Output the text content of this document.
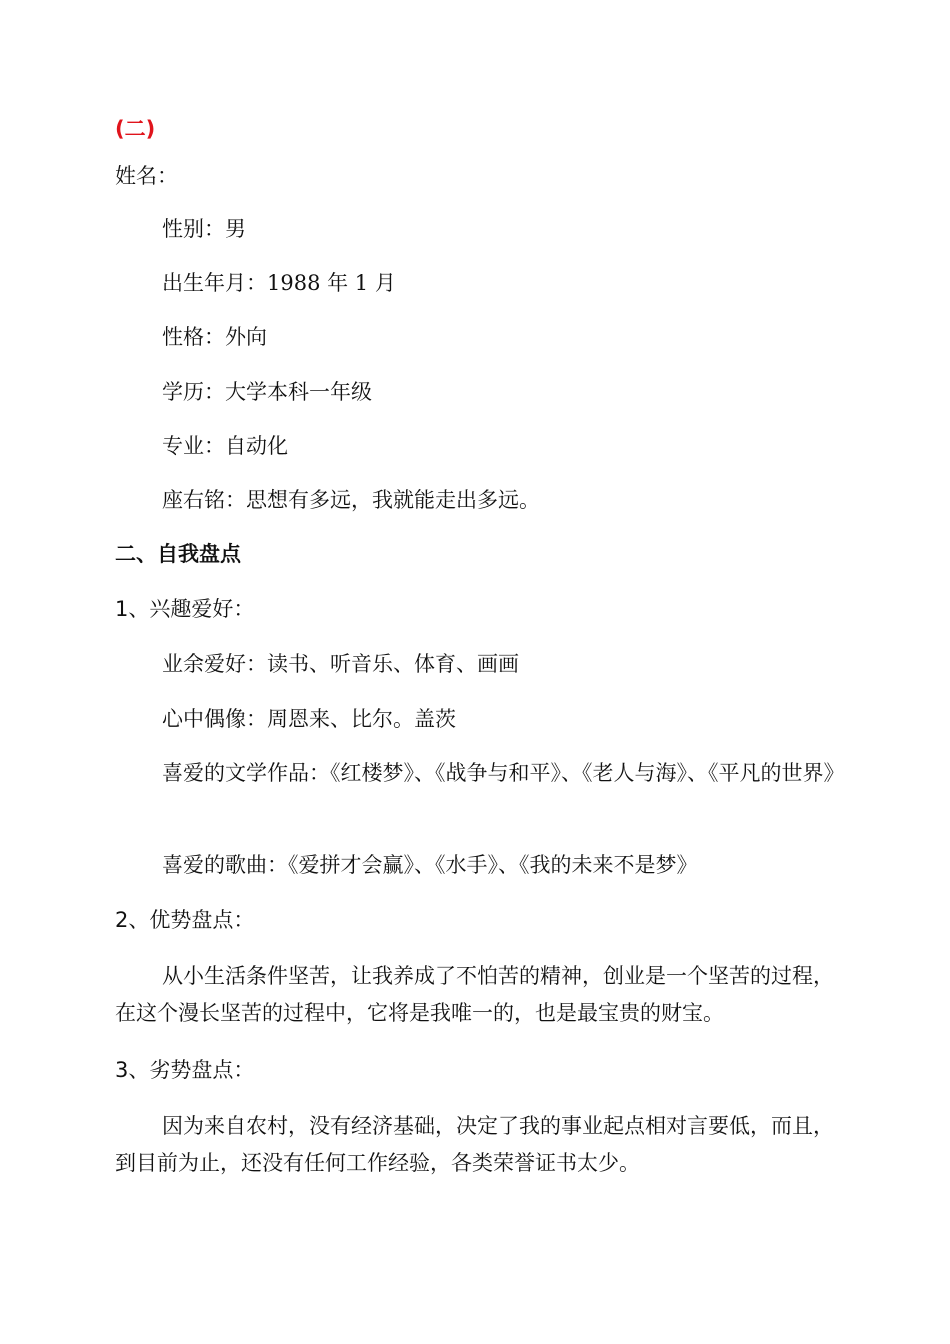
(二)
姓名：
性别：男
出生年月：1988 年 1 月
性格：外向
学历：大学本科一年级
专业：自动化
座右铭：思想有多远，我就能走出多远。
二、自我盘点
1、兴趣爱好：
业余爱好：读书、听音乐、体育、画画
心中偶像：周恩来、比尔。盖茨
喜爱的文学作品：《红楼梦》、《战争与和平》、《老人与海》、《平凡的世界》
喜爱的歌曲：《爱拼才会赢》、《水手》、《我的未来不是梦》
2、优势盘点：
从小生活条件坚苦，让我养成了不怕苦的精神，创业是一个坚苦的过程，在这个漫长坚苦的过程中，它将是我唯一的，也是最宝贵的财宝。
3、劣势盘点：
因为来自农村，没有经济基础，决定了我的事业起点相对言要低，而且，到目前为止，还没有任何工作经验，各类荣誉证书太少。
